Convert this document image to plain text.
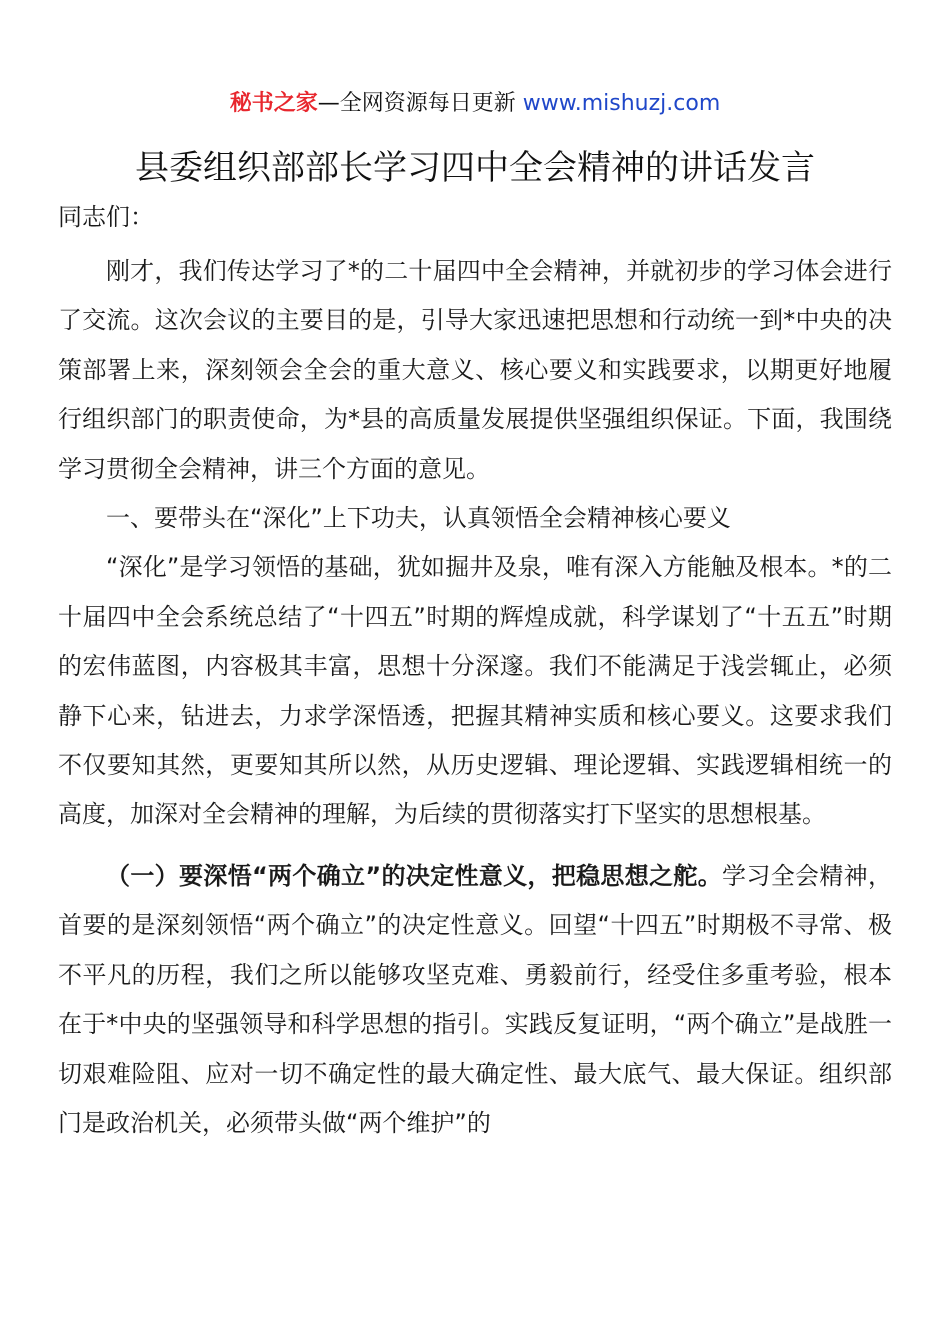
秘书之家—全网资源每日更新 www.mishuzj.com
县委组织部部长学习四中全会精神的讲话发言
同志们：

刚才，我们传达学习了*的二十届四中全会精神，并就初步的学习体会进行了交流。这次会议的主要目的是，引导大家迅速把思想和行动统一到*中央的决策部署上来，深刻领会全会的重大意义、核心要义和实践要求，以期更好地履行组织部门的职责使命，为*县的高质量发展提供坚强组织保证。下面，我围绕学习贯彻全会精神，讲三个方面的意见。

一、要带头在“深化”上下功夫，认真领悟全会精神核心要义

“深化”是学习领悟的基础，犹如掘井及泉，唯有深入方能触及根本。*的二十届四中全会系统总结了“十四五”时期的辉煌成就，科学谋划了“十五五”时期的宏伟蓝图，内容极其丰富，思想十分深邃。我们不能满足于浅尝辄止，必须静下心来，钻进去，力求学深悟透，把握其精神实质和核心要义。这要求我们不仅要知其然，更要知其所以然，从历史逻辑、理论逻辑、实践逻辑相统一的高度，加深对全会精神的理解，为后续的贯彻落实打下坚实的思想根基。

（一）要深悟“两个确立”的决定性意义，把稳思想之舵。学习全会精神，首要的是深刻领悟“两个确立”的决定性意义。回望“十四五”时期极不寻常、极不平凡的历程，我们之所以能够攻坚克难、勇毅前行，经受住多重考验，根本在于*中央的坚强领导和科学思想的指引。实践反复证明，“两个确立”是战胜一切艰难险阻、应对一切不确定性的最大确定性、最大底气、最大保证。组织部门是政治机关，必须带头做“两个维护”的
